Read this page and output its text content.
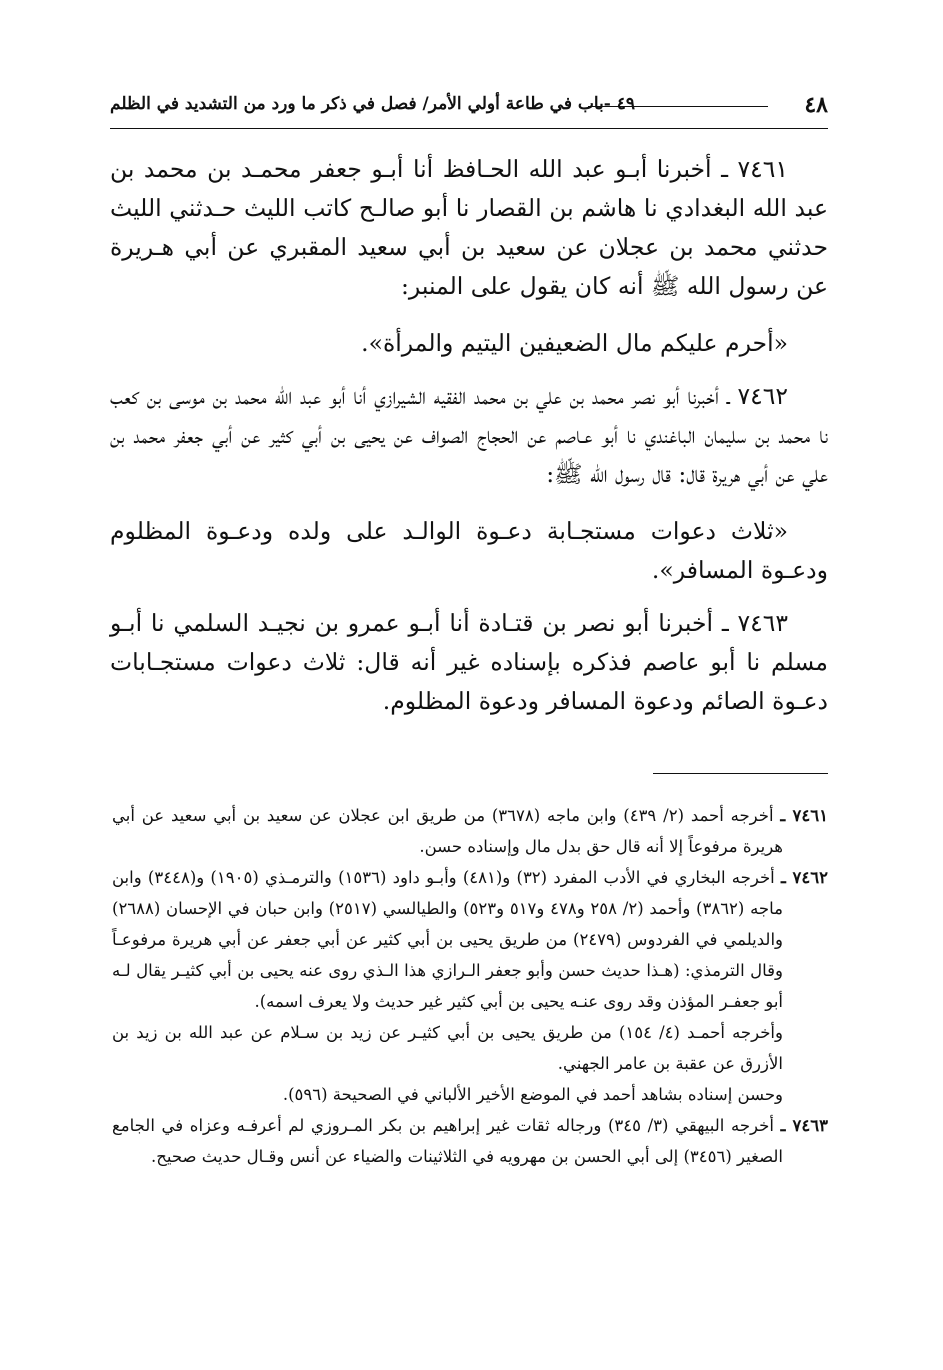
٤٨
٤٩ -باب في طاعة أولي الأمر/ فصل في ذكر ما ورد من التشديد في الظلم

٧٤٦١ ـ أخبرنا أبـو عبد الله الحـافظ أنا أبـو جعفر محمـد بن محمد بن عبد الله البغدادي نا هاشم بن القصار نا أبو صالـح كاتب الليث حـدثني الليث حدثني محمد بن عجلان عن سعيد بن أبي سعيد المقبري عن أبي هـريرة عن رسول الله ﷺ أنه كان يقول على المنبر:

«أحرم عليكم مال الضعيفين اليتيم والمرأة».

٧٤٦٢ ـ أخبرنا أبو نصر محمد بن علي بن محمد الفقيه الشيرازي أنا أبو عبد الله محمد بن موسى بن كعب نا محمد بن سليمان الباغندي نا أبو عـاصم عن الحجاج الصواف عن يحيى بن أبي كثير عن أبي جعفر محمد بن علي عن أبي هريرة قال: قال رسول الله ﷺ:

«ثلاث دعوات مستجـابة دعـوة الوالـد على ولده ودعـوة المظلوم ودعـوة المسافر».

٧٤٦٣ ـ أخبرنا أبو نصر بن قتـادة أنا أبـو عمرو بن نجيـد السلمي نا أبـو مسلم نا أبو عاصم فذكره بإسناده غير أنه قال: ثلاث دعوات مستجـابات دعـوة الصائم ودعوة المسافر ودعوة المظلوم.

٧٤٦١ ـ أخرجه أحمد (٢/ ٤٣٩) وابن ماجه (٣٦٧٨) من طريق ابن عجلان عن سعيد بن أبي سعيد عن أبي هريرة مرفوعاً إلا أنه قال حق بدل مال وإسناده حسن.

٧٤٦٢ ـ أخرجه البخاري في الأدب المفرد (٣٢) و(٤٨١) وأبـو داود (١٥٣٦) والترمـذي (١٩٠٥) و(٣٤٤٨) وابن ماجه (٣٨٦٢) وأحمد (٢/ ٢٥٨ و٤٧٨ و٥١٧ و٥٢٣) والطيالسي (٢٥١٧) وابن حبان في الإحسان (٢٦٨٨) والديلمي في الفردوس (٢٤٧٩) من طريق يحيى بن أبي كثير عن أبي جعفر عن أبي هريرة مرفوعـاً وقال الترمذي: (هـذا حديث حسن وأبو جعفر الـرازي هذا الـذي روى عنه يحيى بن أبي كثيـر يقال لـه أبو جعفـر المؤذن وقد روى عنـه يحيى بن أبي كثير غير حديث ولا يعرف اسمه).

وأخرجه أحمـد (٤/ ١٥٤) من طريق يحيى بن أبي كثيـر عن زيد بن سـلام عن عبد الله بن زيد بن الأزرق عن عقبة بن عامر الجهني.

وحسن إسناده بشاهد أحمد في الموضع الأخير الألباني في الصحيحة (٥٩٦).

٧٤٦٣ ـ أخرجه البيهقي (٣/ ٣٤٥) ورجاله ثقات غير إبراهيم بن بكر المـروزي لم أعرفـه وعزاه في الجامع الصغير (٣٤٥٦) إلى أبي الحسن بن مهرويه في الثلاثينات والضياء عن أنس وقـال حديث صحيح.
